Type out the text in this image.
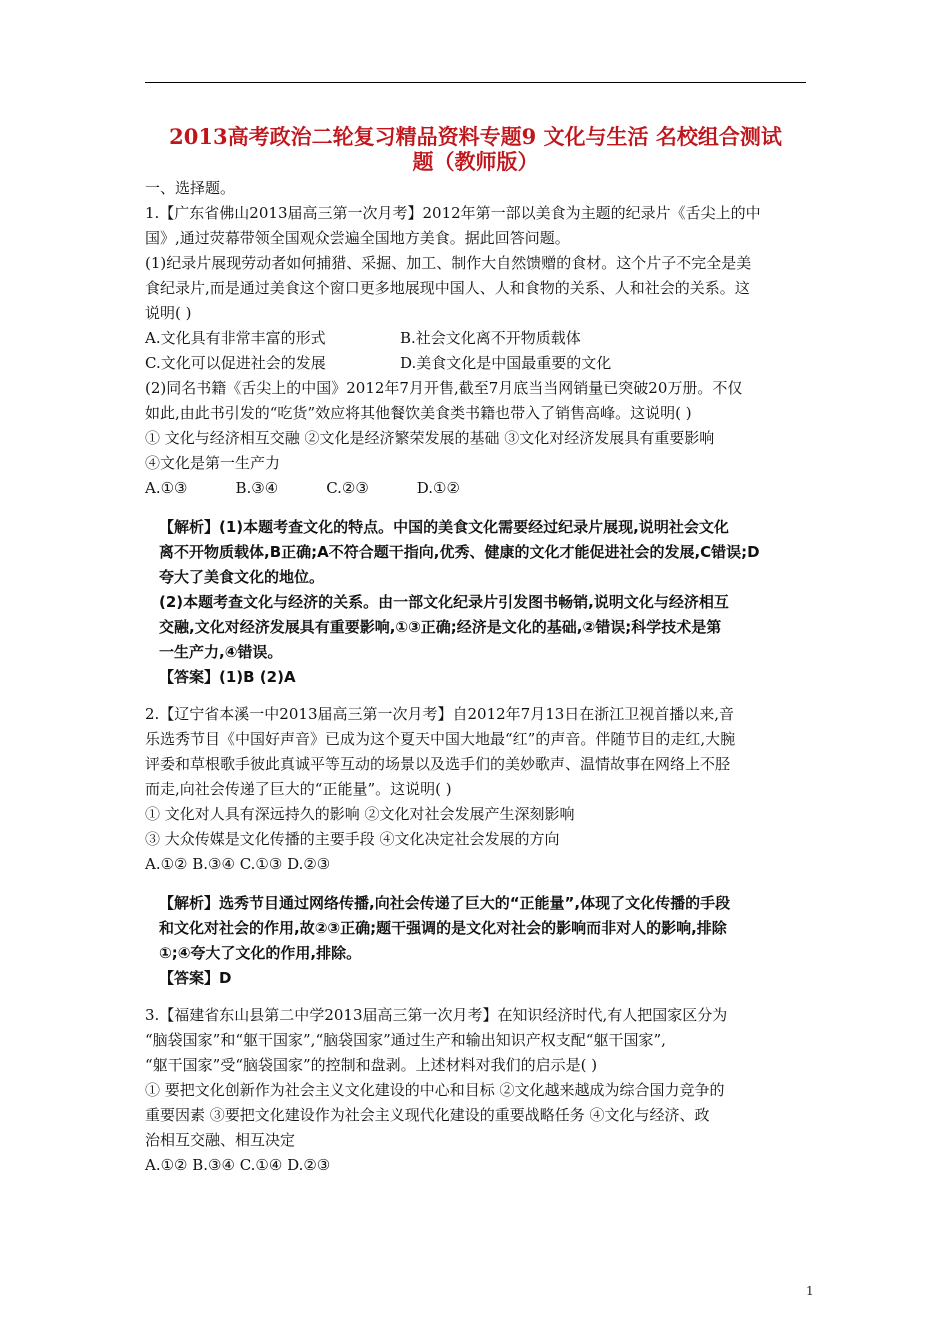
2013高考政治二轮复习精品资料专题9 文化与生活 名校组合测试
题（教师版）
一、选择题。
1.【广东省佛山2013届高三第一次月考】2012年第一部以美食为主题的纪录片《舌尖上的中
国》,通过荧幕带领全国观众尝遍全国地方美食。据此回答问题。
(1)纪录片展现劳动者如何捕猎、采掘、加工、制作大自然馈赠的食材。这个片子不完全是美
食纪录片,而是通过美食这个窗口更多地展现中国人、人和食物的关系、人和社会的关系。这
说明( )
A.文化具有非常丰富的形式	B.社会文化离不开物质载体
C.文化可以促进社会的发展	D.美食文化是中国最重要的文化
(2)同名书籍《舌尖上的中国》2012年7月开售,截至7月底当当网销量已突破20万册。不仅
如此,由此书引发的“吃货”效应将其他餐饮美食类书籍也带入了销售高峰。这说明( )
① 文化与经济相互交融 ②文化是经济繁荣发展的基础 ③文化对经济发展具有重要影响
④文化是第一生产力
A.①③	B.③④	C.②③	D.①②
【解析】(1)本题考查文化的特点。中国的美食文化需要经过纪录片展现,说明社会文化
离不开物质载体,B正确;A不符合题干指向,优秀、健康的文化才能促进社会的发展,C错误;D
夸大了美食文化的地位。
(2)本题考查文化与经济的关系。由一部文化纪录片引发图书畅销,说明文化与经济相互
交融,文化对经济发展具有重要影响,①③正确;经济是文化的基础,②错误;科学技术是第
一生产力,④错误。
【答案】(1)B (2)A
2.【辽宁省本溪一中2013届高三第一次月考】自2012年7月13日在浙江卫视首播以来,音
乐选秀节目《中国好声音》已成为这个夏天中国大地最“红”的声音。伴随节目的走红,大腕
评委和草根歌手彼此真诚平等互动的场景以及选手们的美妙歌声、温情故事在网络上不胫
而走,向社会传递了巨大的“正能量”。这说明( )
① 文化对人具有深远持久的影响 ②文化对社会发展产生深刻影响
③ 大众传媒是文化传播的主要手段 ④文化决定社会发展的方向
A.①② B.③④ C.①③ D.②③
【解析】选秀节目通过网络传播,向社会传递了巨大的“正能量”,体现了文化传播的手段
和文化对社会的作用,故②③正确;题干强调的是文化对社会的影响而非对人的影响,排除
①;④夸大了文化的作用,排除。
【答案】D
3.【福建省东山县第二中学2013届高三第一次月考】在知识经济时代,有人把国家区分为
“脑袋国家”和“躯干国家”,“脑袋国家”通过生产和输出知识产权支配“躯干国家”,
“躯干国家”受“脑袋国家”的控制和盘剥。上述材料对我们的启示是( )
① 要把文化创新作为社会主义文化建设的中心和目标 ②文化越来越成为综合国力竞争的
重要因素 ③要把文化建设作为社会主义现代化建设的重要战略任务 ④文化与经济、政
治相互交融、相互决定
A.①② B.③④ C.①④ D.②③
1
